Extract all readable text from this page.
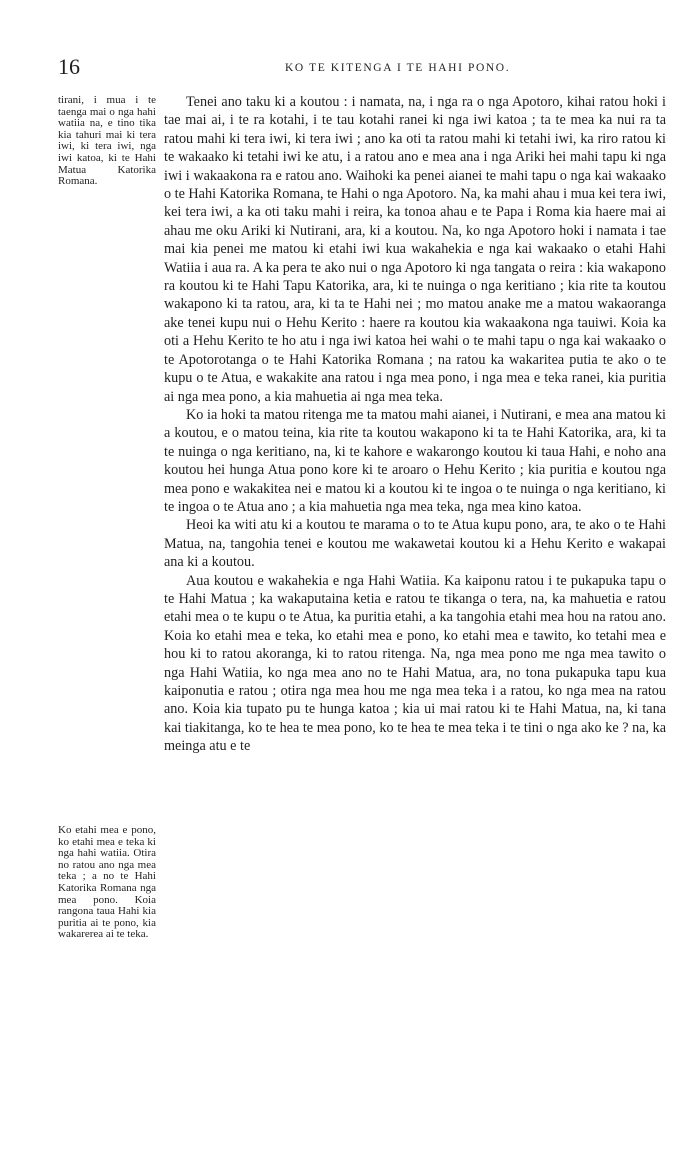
16	KO TE KITENGA I TE HAHI PONO.
tirani, i mua i te taenga mai o nga hahi watiia na, e tino tika kia tahuri mai ki tera iwi, ki tera iwi, nga iwi katoa, ki te Hahi Matua Katorika Romana.
Ko etahi mea e pono, ko etahi mea e teka ki nga hahi watiia. Otira no ratou ano nga mea teka ; a no te Hahi Katorika Romana nga mea pono. Koia rangona taua Hahi kia puritia ai te pono, kia wakarerea ai te teka.

Tenei ano taku ki a koutou : i namata, na, i nga ra o nga Apotoro, kihai ratou hoki i tae mai ai, i te ra kotahi, i te tau kotahi ranei ki nga iwi katoa ; ta te mea ka nui ra ta ratou mahi ki tera iwi, ki tera iwi ; ano ka oti ta ratou mahi ki tetahi iwi, ka riro ratou ki te wakaako ki tetahi iwi ke atu, i a ratou ano e mea ana i nga Ariki hei mahi tapu ki nga iwi i wakaakona ra e ratou ano. Waihoki ka penei aianei te mahi tapu o nga kai wakaako o te Hahi Katorika Romana, te Hahi o nga Apotoro. Na, ka mahi ahau i mua kei tera iwi, kei tera iwi, a ka oti taku mahi i reira, ka tonoa ahau e te Papa i Roma kia haere mai ai ahau me oku Ariki ki Nutirani, ara, ki a koutou. Na, ko nga Apotoro hoki i namata i tae mai kia penei me matou ki etahi iwi kua wakahekia e nga kai wakaako o etahi Hahi Watiia i aua ra. A ka pera te ako nui o nga Apotoro ki nga tangata o reira : kia wakapono ra koutou ki te Hahi Tapu Katorika, ara, ki te nuinga o nga keritiano ; kia rite ta koutou wakapono ki ta ratou, ara, ki ta te Hahi nei ; mo matou anake me a matou wakaoranga ake tenei kupu nui o Hehu Kerito : haere ra koutou kia wakaakona nga tauiwi. Koia ka oti a Hehu Kerito te ho atu i nga iwi katoa hei wahi o te mahi tapu o nga kai wakaako o te Apotorotanga o te Hahi Katorika Romana ; na ratou ka wakaritea putia te ako o te kupu o te Atua, e wakakite ana ratou i nga mea pono, i nga mea e teka ranei, kia puritia ai nga mea pono, a kia mahuetia ai nga mea teka.

Ko ia hoki ta matou ritenga me ta matou mahi aianei, i Nutirani, e mea ana matou ki a koutou, e o matou teina, kia rite ta koutou wakapono ki ta te Hahi Katorika, ara, ki ta te nuinga o nga keritiano, na, ki te kahore e wakarongo koutou ki taua Hahi, e noho ana koutou hei hunga Atua pono kore ki te aroaro o Hehu Kerito ; kia puritia e koutou nga mea pono e wakakitea nei e matou ki a koutou ki te ingoa o te nuinga o nga keritiano, ki te ingoa o te Atua ano ; a kia mahuetia nga mea teka, nga mea kino katoa.

Heoi ka witi atu ki a koutou te marama o to te Atua kupu pono, ara, te ako o te Hahi Matua, na, tangohia tenei e koutou me wakawetai koutou ki a Hehu Kerito e wakapai ana ki a koutou.

Aua koutou e wakahekia e nga Hahi Watiia. Ka kaiponu ratou i te pukapuka tapu o te Hahi Matua ; ka wakaputaina ketia e ratou te tikanga o tera, na, ka mahuetia e ratou etahi mea o te kupu o te Atua, ka puritia etahi, a ka tangohia etahi mea hou na ratou ano. Koia ko etahi mea e teka, ko etahi mea e pono, ko etahi mea e tawito, ko tetahi mea e hou ki to ratou akoranga, ki to ratou ritenga. Na, nga mea pono me nga mea tawito o nga Hahi Watiia, ko nga mea ano no te Hahi Matua, ara, no tona pukapuka tapu kua kaiponutia e ratou ; otira nga mea hou me nga mea teka i a ratou, ko nga mea na ratou ano. Koia kia tupato pu te hunga katoa ; kia ui mai ratou ki te Hahi Matua, na, ki tana kai tiakitanga, ko te hea te mea pono, ko te hea te mea teka i te tini o nga ako ke ? na, ka meinga atu e te
